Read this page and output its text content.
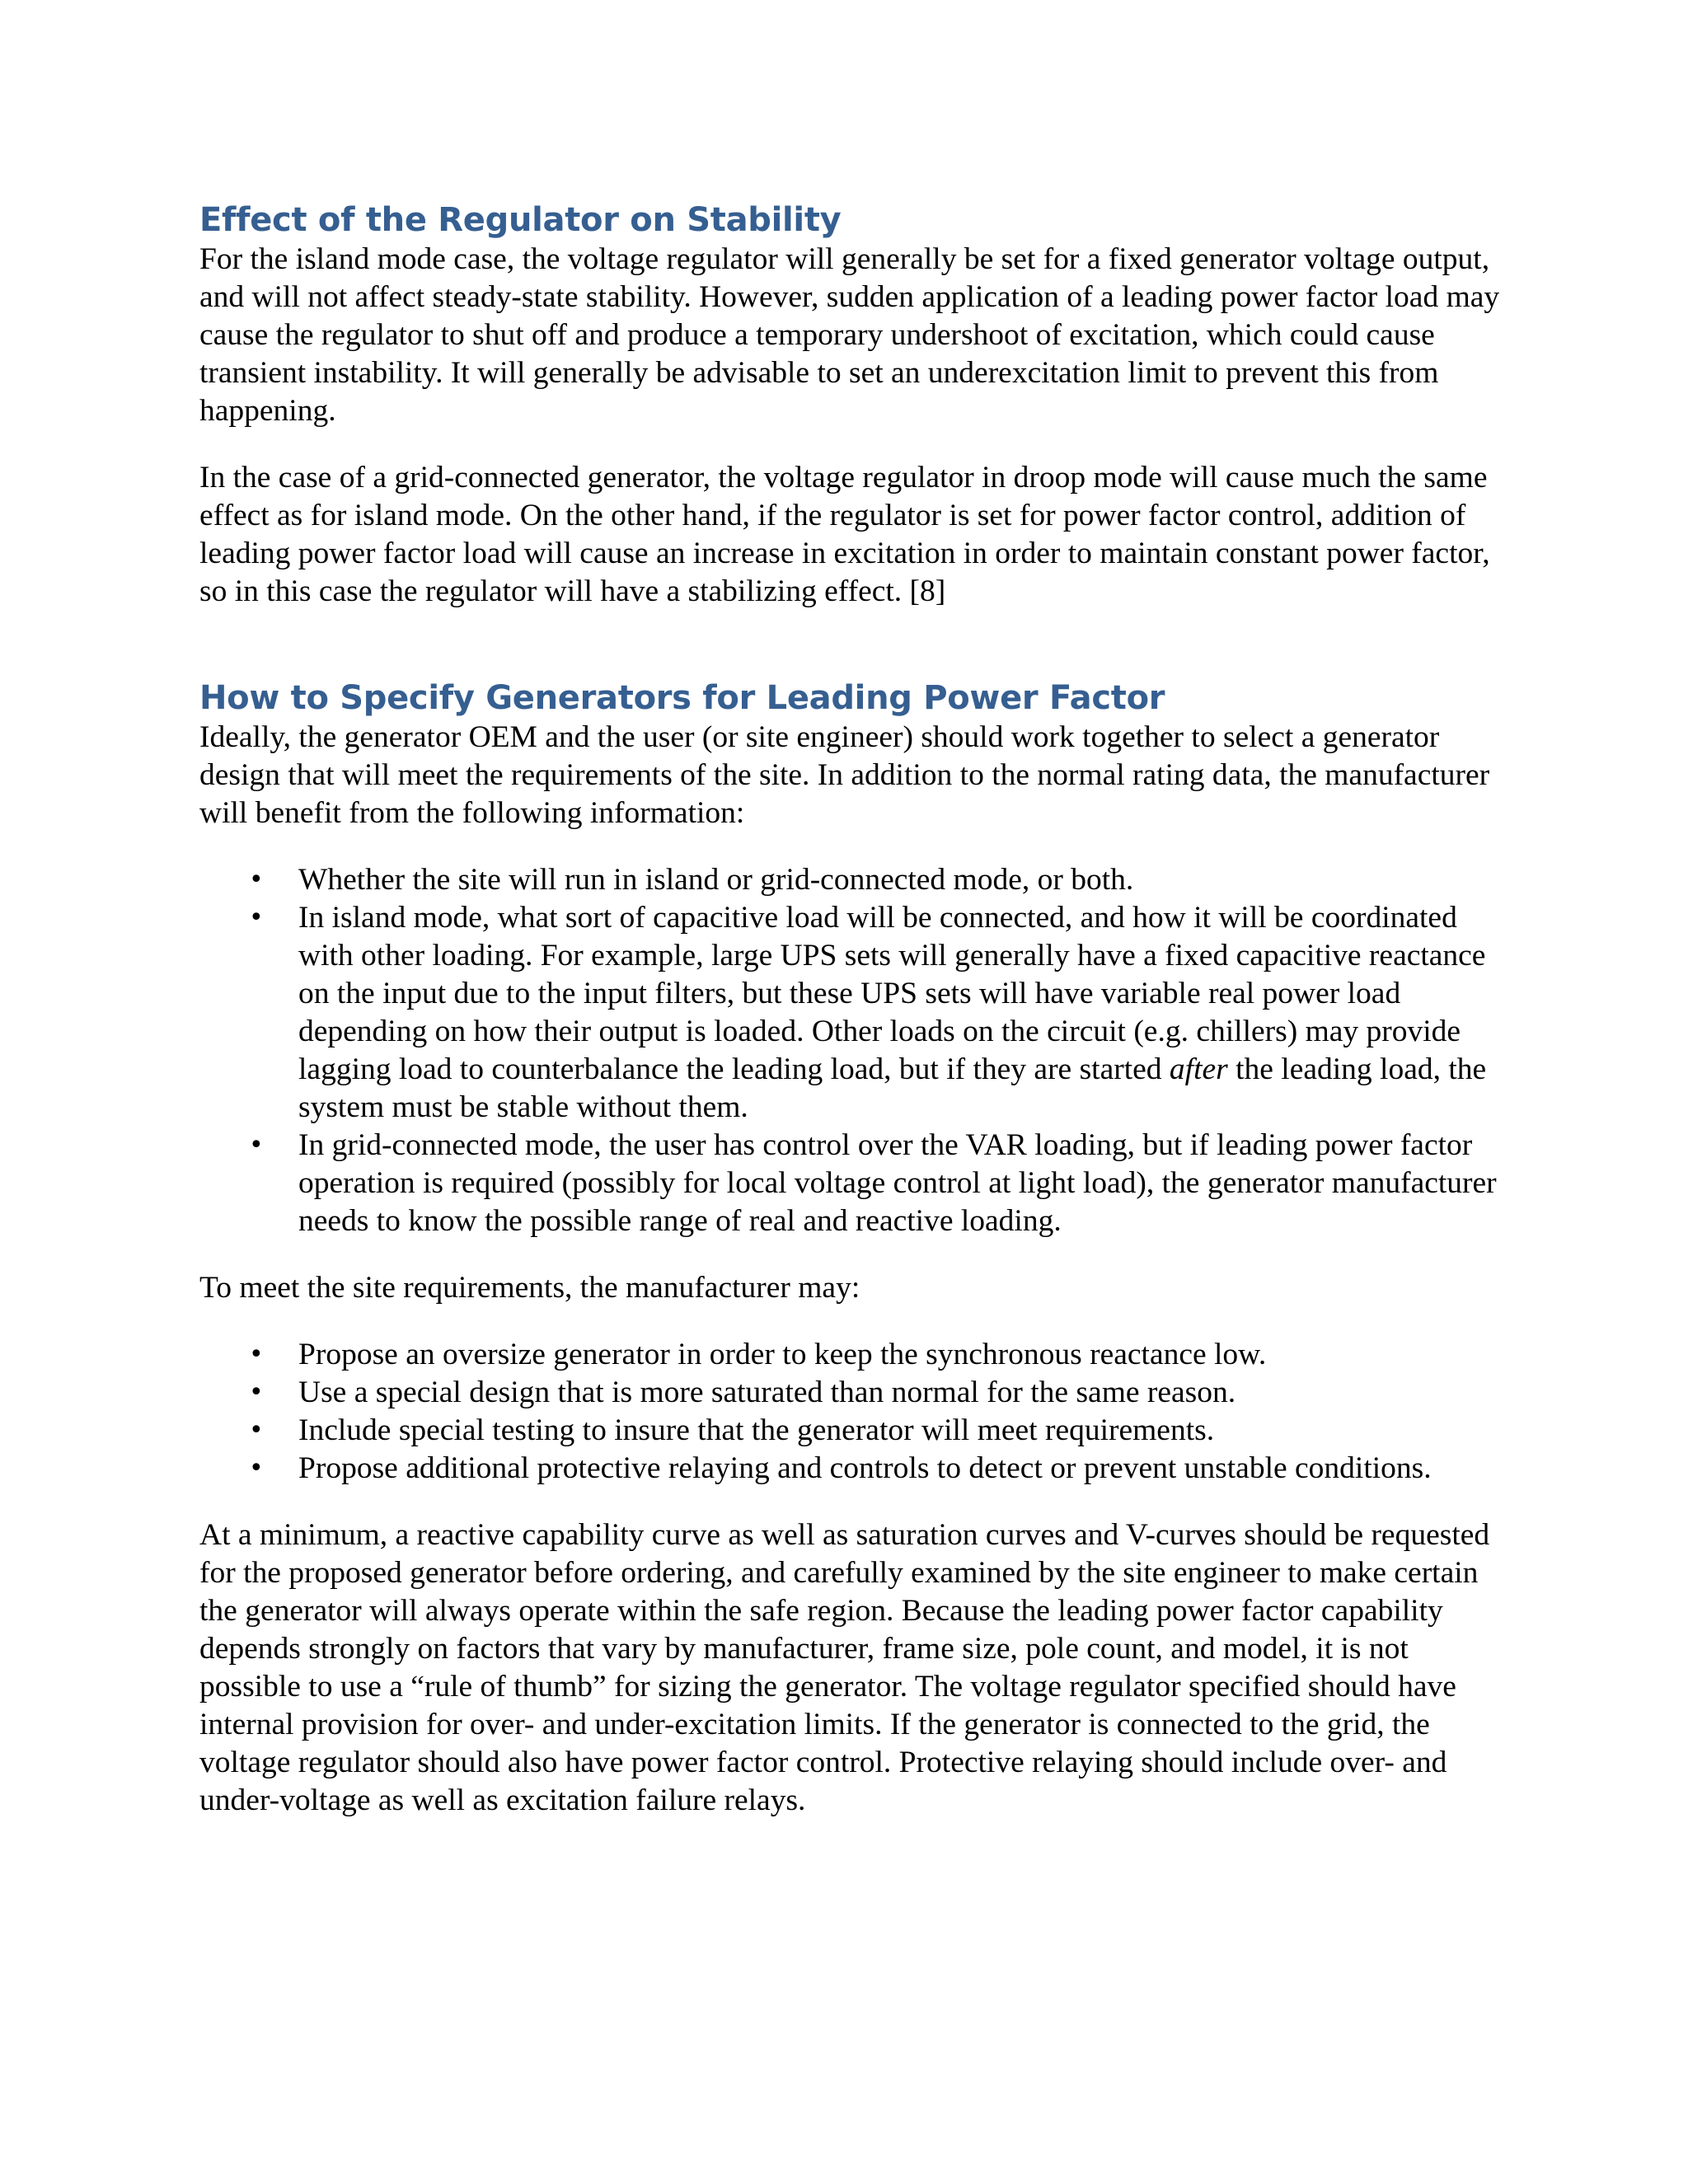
Effect of the Regulator on Stability

For the island mode case, the voltage regulator will generally be set for a fixed generator voltage output, and will not affect steady-state stability. However, sudden application of a leading power factor load may cause the regulator to shut off and produce a temporary undershoot of excitation, which could cause transient instability. It will generally be advisable to set an underexcitation limit to prevent this from happening.

In the case of a grid-connected generator, the voltage regulator in droop mode will cause much the same effect as for island mode. On the other hand, if the regulator is set for power factor control, addition of leading power factor load will cause an increase in excitation in order to maintain constant power factor, so in this case the regulator will have a stabilizing effect. [8]

How to Specify Generators for Leading Power Factor

Ideally, the generator OEM and the user (or site engineer) should work together to select a generator design that will meet the requirements of the site. In addition to the normal rating data, the manufacturer will benefit from the following information:

• Whether the site will run in island or grid-connected mode, or both.
• In island mode, what sort of capacitive load will be connected, and how it will be coordinated with other loading. For example, large UPS sets will generally have a fixed capacitive reactance on the input due to the input filters, but these UPS sets will have variable real power load depending on how their output is loaded. Other loads on the circuit (e.g. chillers) may provide lagging load to counterbalance the leading load, but if they are started after the leading load, the system must be stable without them.
• In grid-connected mode, the user has control over the VAR loading, but if leading power factor operation is required (possibly for local voltage control at light load), the generator manufacturer needs to know the possible range of real and reactive loading.

To meet the site requirements, the manufacturer may:

• Propose an oversize generator in order to keep the synchronous reactance low.
• Use a special design that is more saturated than normal for the same reason.
• Include special testing to insure that the generator will meet requirements.
• Propose additional protective relaying and controls to detect or prevent unstable conditions.

At a minimum, a reactive capability curve as well as saturation curves and V-curves should be requested for the proposed generator before ordering, and carefully examined by the site engineer to make certain the generator will always operate within the safe region. Because the leading power factor capability depends strongly on factors that vary by manufacturer, frame size, pole count, and model, it is not possible to use a “rule of thumb” for sizing the generator. The voltage regulator specified should have internal provision for over- and under-excitation limits. If the generator is connected to the grid, the voltage regulator should also have power factor control. Protective relaying should include over- and under-voltage as well as excitation failure relays.
